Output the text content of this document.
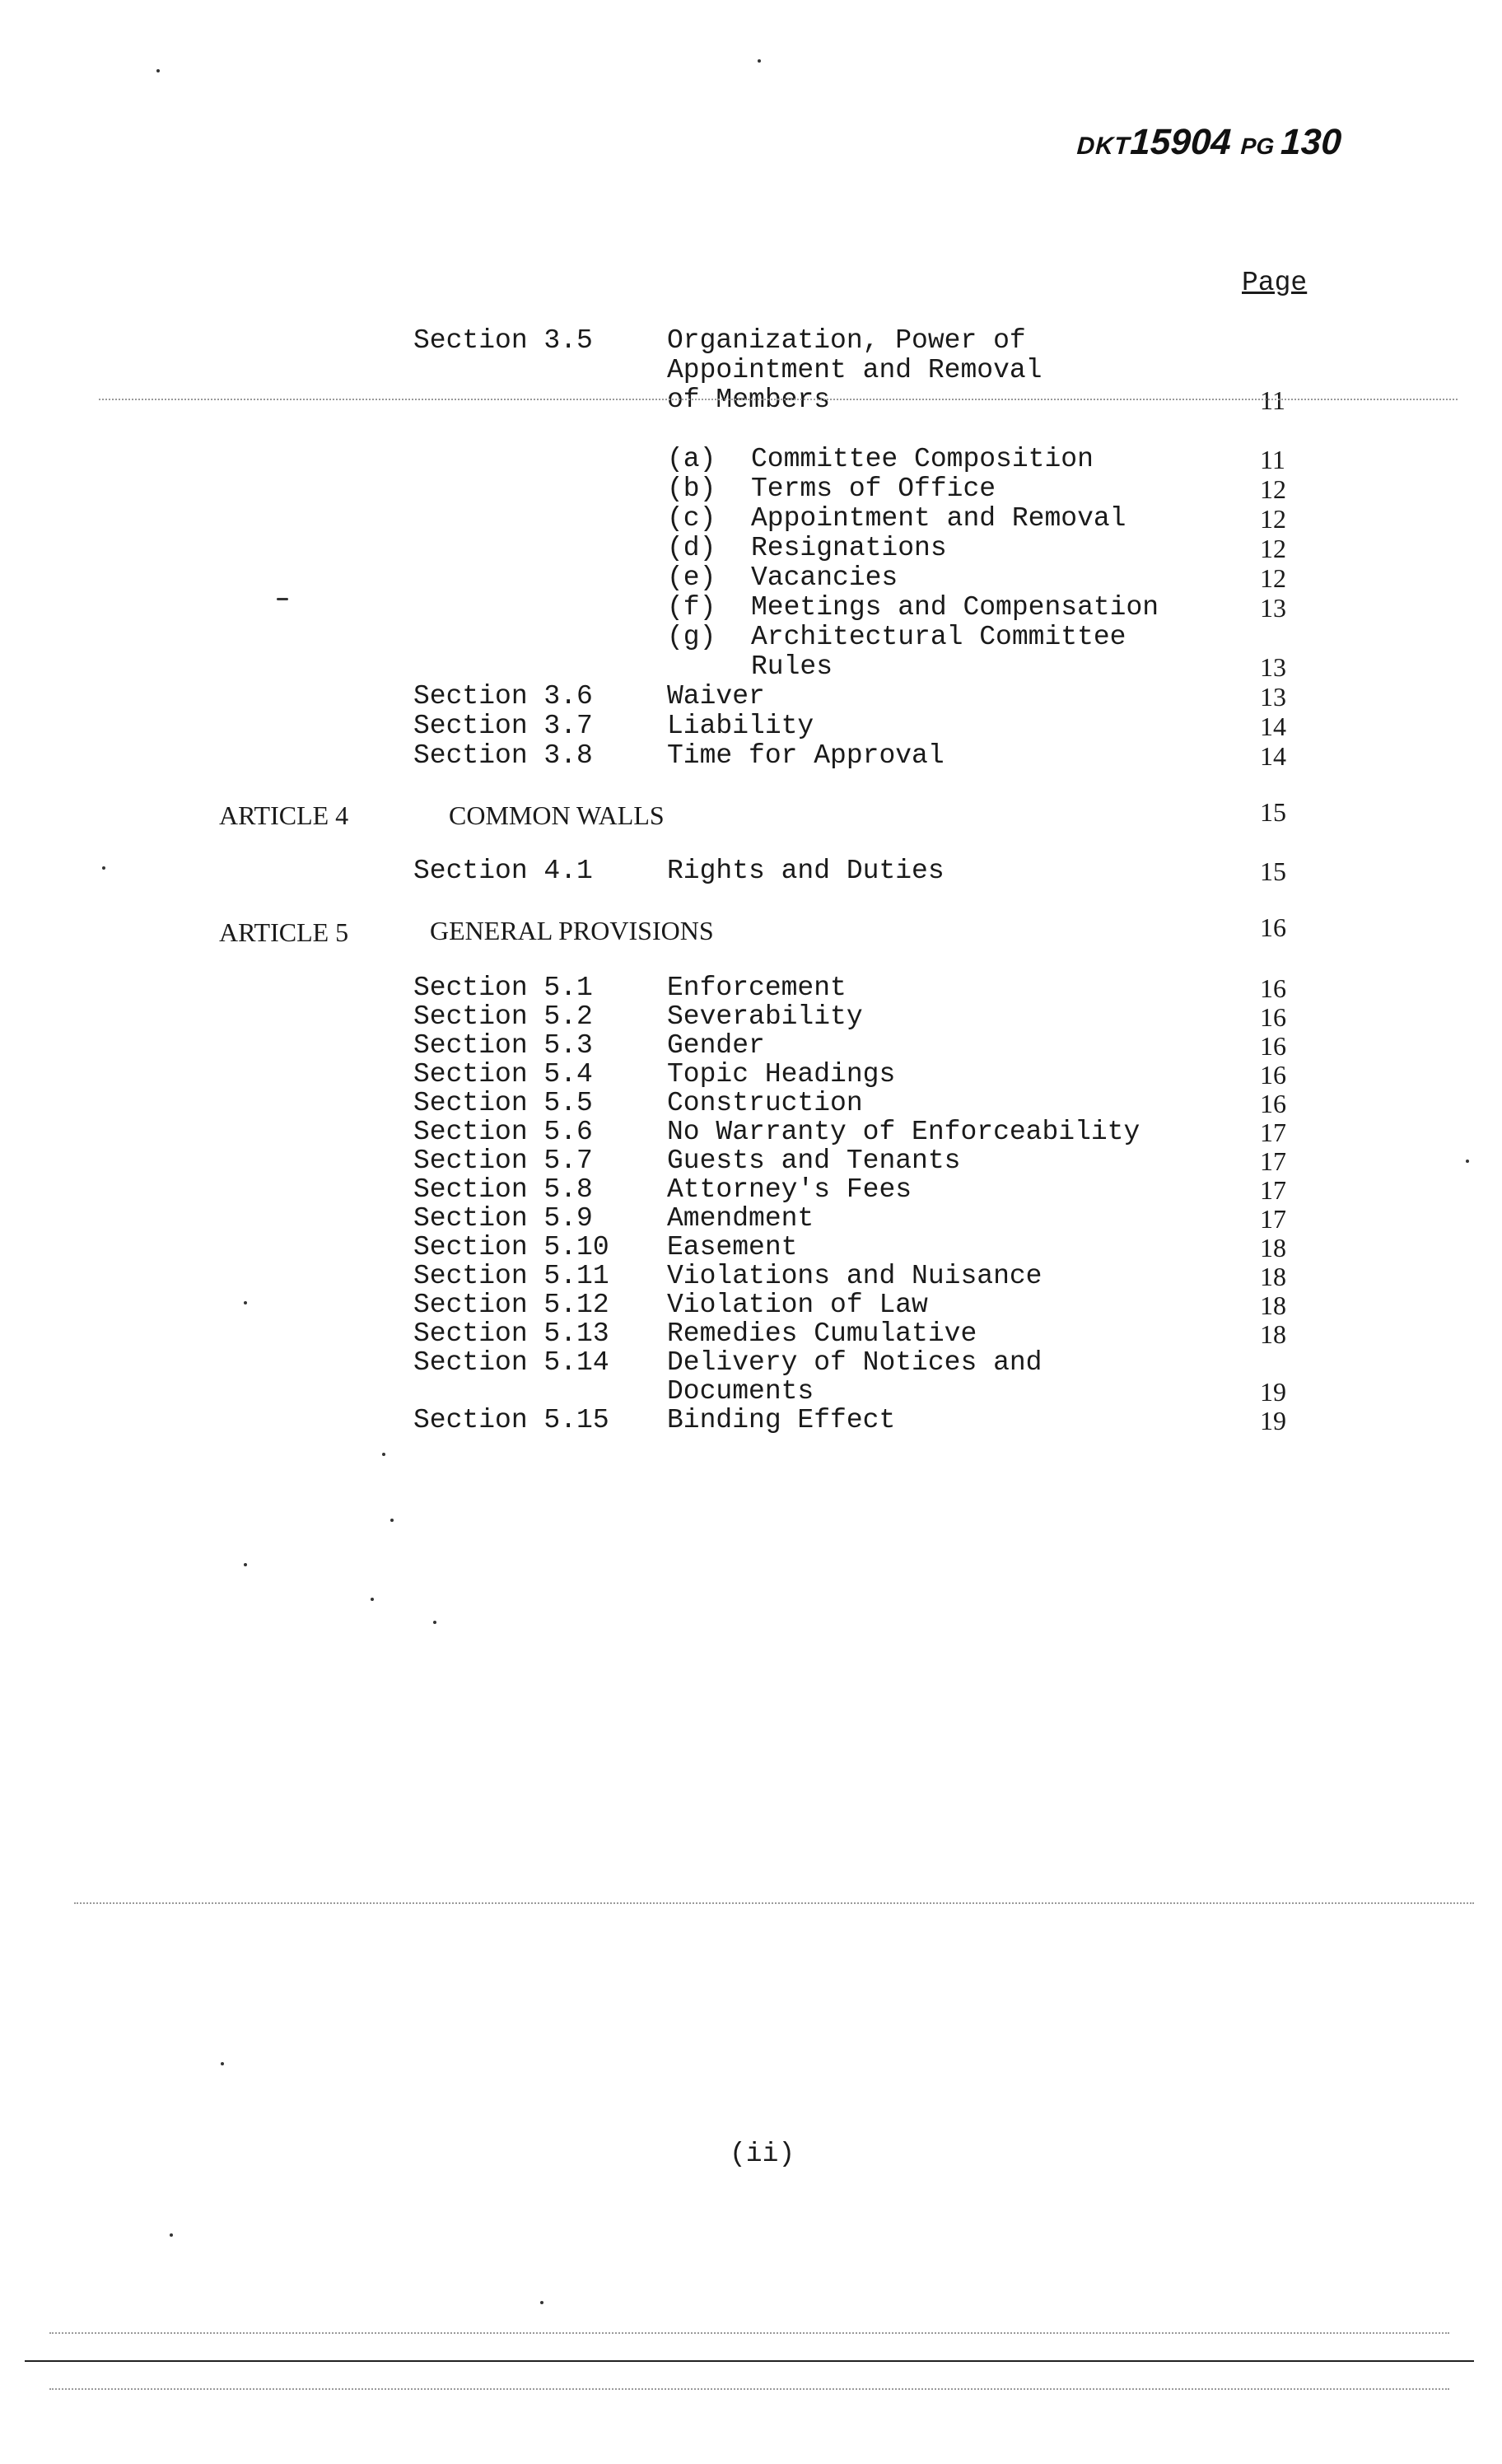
DKT15904 PG 130
Page
Section 3.5	Organization, Power of
Appointment and Removal
of Members	11
(a) Committee Composition	11
(b) Terms of Office	12
(c) Appointment and Removal	12
(d) Resignations	12
(e) Vacancies	12
(f) Meetings and Compensation	13
(g) Architectural Committee
Rules	13
Section 3.6	Waiver	13
Section 3.7	Liability	14
Section 3.8	Time for Approval	14
ARTICLE 4	COMMON WALLS	15
Section 4.1	Rights and Duties	15
ARTICLE 5	GENERAL PROVISIONS	16
Section 5.1	Enforcement	16
Section 5.2	Severability	16
Section 5.3	Gender	16
Section 5.4	Topic Headings	16
Section 5.5	Construction	16
Section 5.6	No Warranty of Enforceability	17
Section 5.7	Guests and Tenants	17
Section 5.8	Attorney's Fees	17
Section 5.9	Amendment	17
Section 5.10 Easement	18
Section 5.11 Violations and Nuisance	18
Section 5.12 Violation of Law	18
Section 5.13 Remedies Cumulative	18
Section 5.14 Delivery of Notices and
Documents	19
Section 5.15 Binding Effect	19
(ii)
